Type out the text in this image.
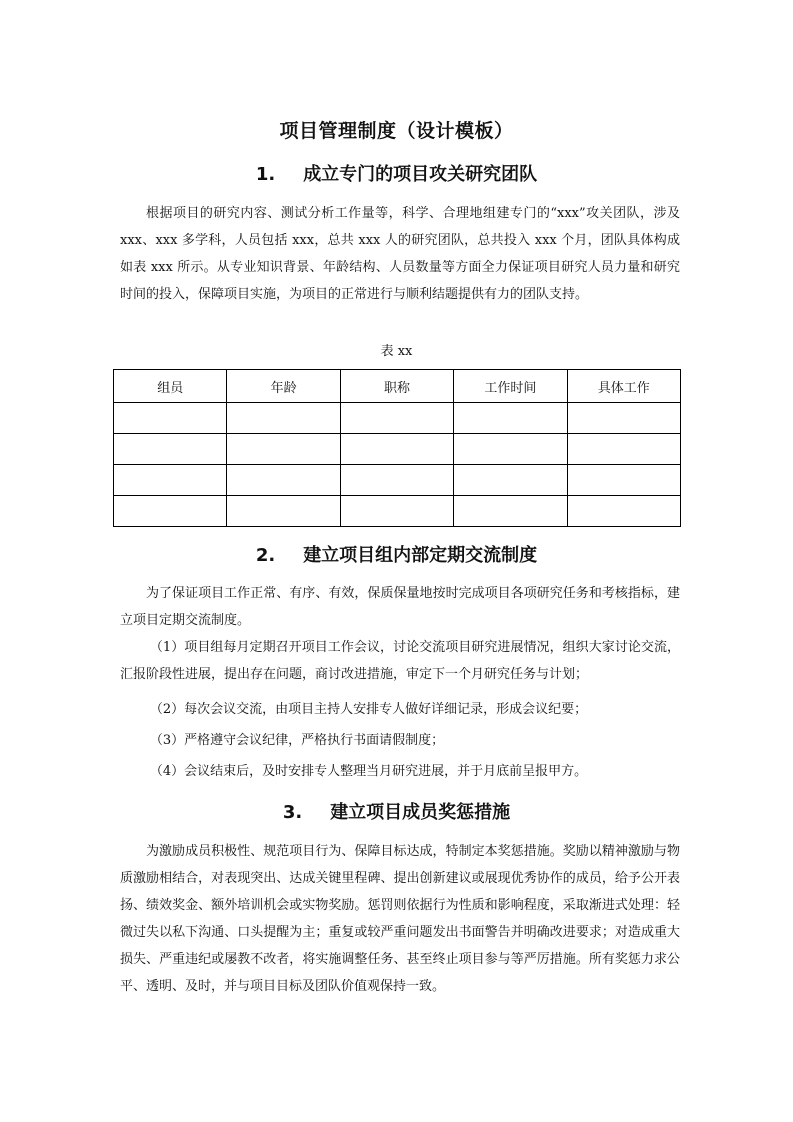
项目管理制度（设计模板）
1. 成立专门的项目攻关研究团队

根据项目的研究内容、测试分析工作量等，科学、合理地组建专门的“xxx”攻关团队，涉及 xxx、xxx 多学科，人员包括 xxx，总共 xxx 人的研究团队，总共投入 xxx 个月，团队具体构成如表 xxx 所示。从专业知识背景、年龄结构、人员数量等方面全力保证项目研究人员力量和研究时间的投入，保障项目实施，为项目的正常进行与顺利结题提供有力的团队支持。

表 xx
组员	年龄	职称	工作时间	具体工作

2. 建立项目组内部定期交流制度

为了保证项目工作正常、有序、有效，保质保量地按时完成项目各项研究任务和考核指标，建立项目定期交流制度。

（1）项目组每月定期召开项目工作会议，讨论交流项目研究进展情况，组织大家讨论交流，汇报阶段性进展，提出存在问题，商讨改进措施，审定下一个月研究任务与计划；

（2）每次会议交流，由项目主持人安排专人做好详细记录，形成会议纪要；

（3）严格遵守会议纪律，严格执行书面请假制度；

（4）会议结束后，及时安排专人整理当月研究进展，并于月底前呈报甲方。

3. 建立项目成员奖惩措施

为激励成员积极性、规范项目行为、保障目标达成，特制定本奖惩措施。奖励以精神激励与物质激励相结合，对表现突出、达成关键里程碑、提出创新建议或展现优秀协作的成员，给予公开表扬、绩效奖金、额外培训机会或实物奖励。惩罚则依据行为性质和影响程度，采取渐进式处理：轻微过失以私下沟通、口头提醒为主；重复或较严重问题发出书面警告并明确改进要求；对造成重大损失、严重违纪或屡教不改者，将实施调整任务、甚至终止项目参与等严厉措施。所有奖惩力求公平、透明、及时，并与项目目标及团队价值观保持一致。
